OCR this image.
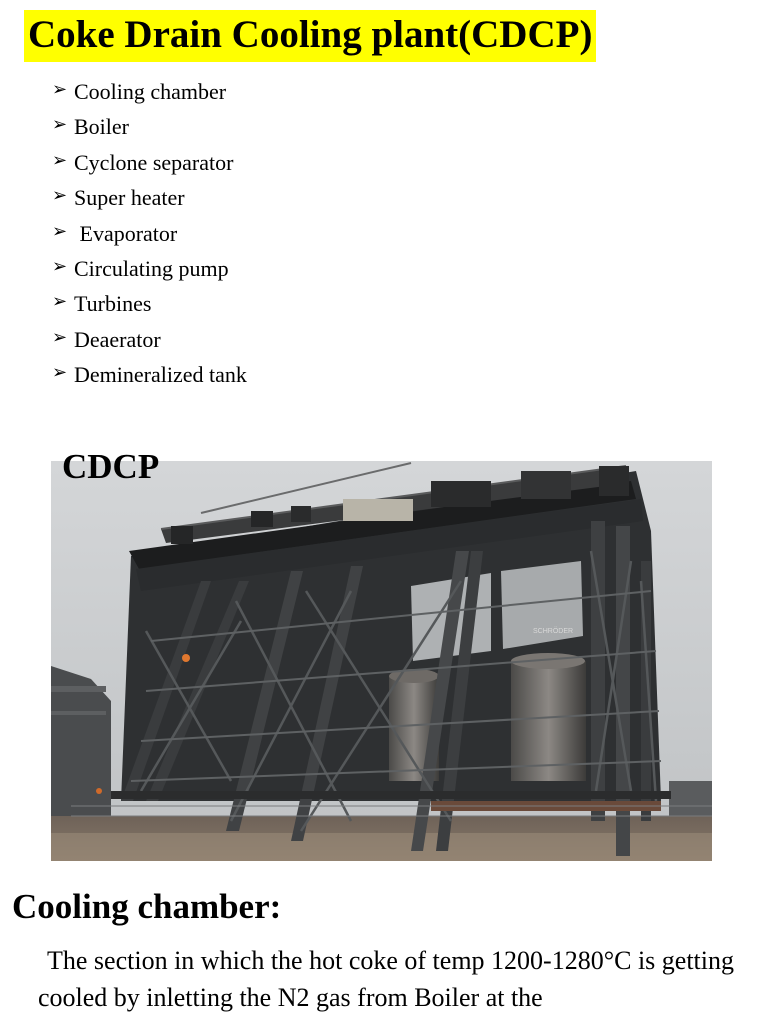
Coke Drain Cooling plant(CDCP)
➢ Cooling chamber
➢ Boiler
➢ Cyclone separator
➢ Super heater
➢ Evaporator
➢ Circulating pump
➢ Turbines
➢ Deaerator
➢ Demineralized tank
SCHRÖDER
CDCP
Cooling chamber:

The section in which the hot coke of temp 1200-1280°C is getting cooled by inletting the N2 gas from Boiler at the
